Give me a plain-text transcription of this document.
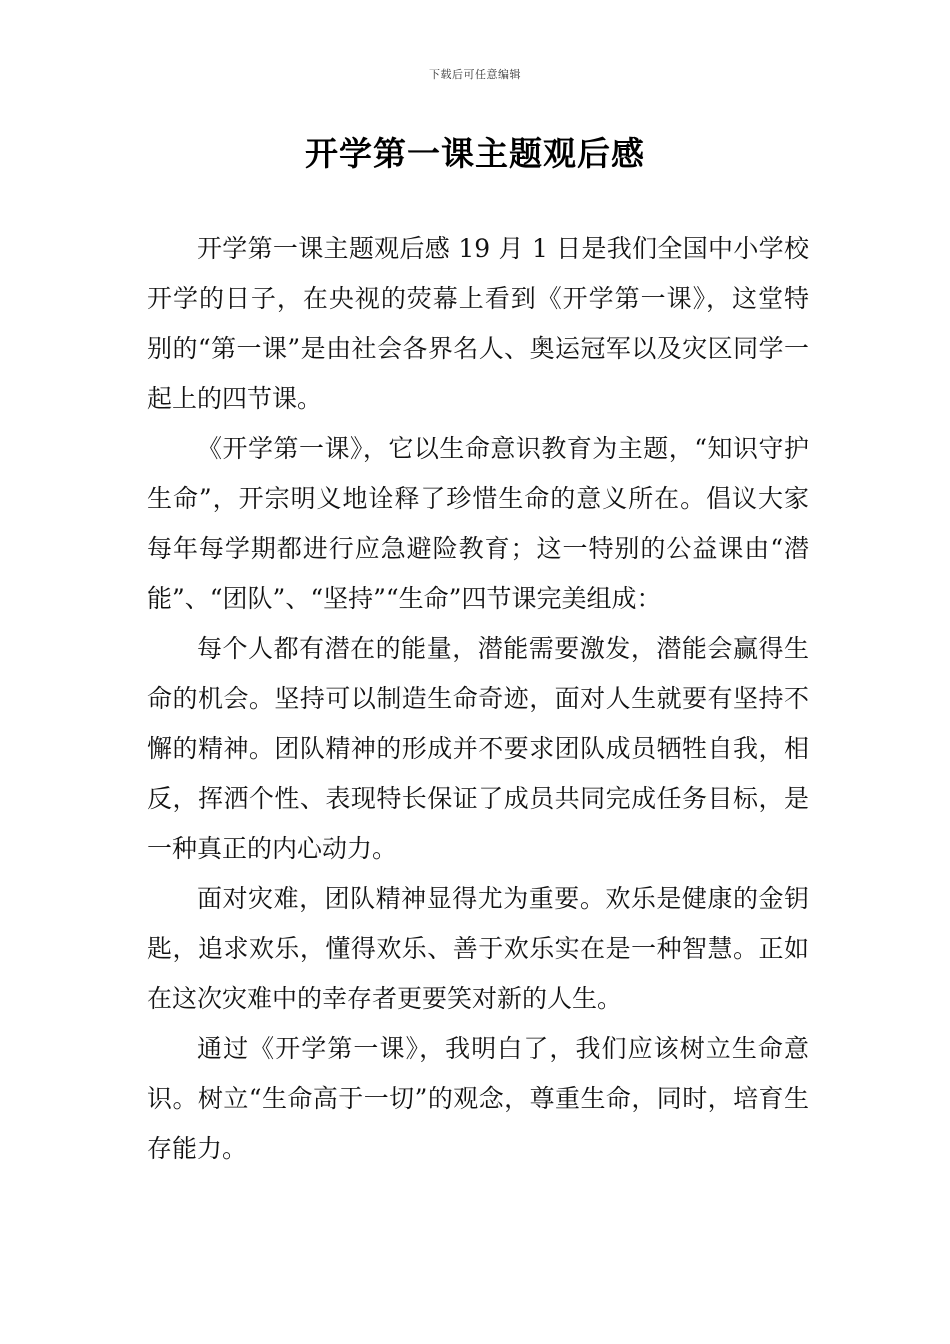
下载后可任意编辑
开学第一课主题观后感

开学第一课主题观后感 19 月 1 日是我们全国中小学校开学的日子，在央视的荧幕上看到《开学第一课》，这堂特别的“第一课”是由社会各界名人、奥运冠军以及灾区同学一起上的四节课。

《开学第一课》，它以生命意识教育为主题，“知识守护生命”，开宗明义地诠释了珍惜生命的意义所在。倡议大家每年每学期都进行应急避险教育；这一特别的公益课由“潜能”、“团队”、“坚持”“生命”四节课完美组成：

每个人都有潜在的能量，潜能需要激发，潜能会赢得生命的机会。坚持可以制造生命奇迹，面对人生就要有坚持不懈的精神。团队精神的形成并不要求团队成员牺牲自我，相反，挥洒个性、表现特长保证了成员共同完成任务目标，是一种真正的内心动力。

面对灾难，团队精神显得尤为重要。欢乐是健康的金钥匙，追求欢乐，懂得欢乐、善于欢乐实在是一种智慧。正如在这次灾难中的幸存者更要笑对新的人生。

通过《开学第一课》，我明白了，我们应该树立生命意识。树立“生命高于一切”的观念，尊重生命，同时，培育生存能力。
